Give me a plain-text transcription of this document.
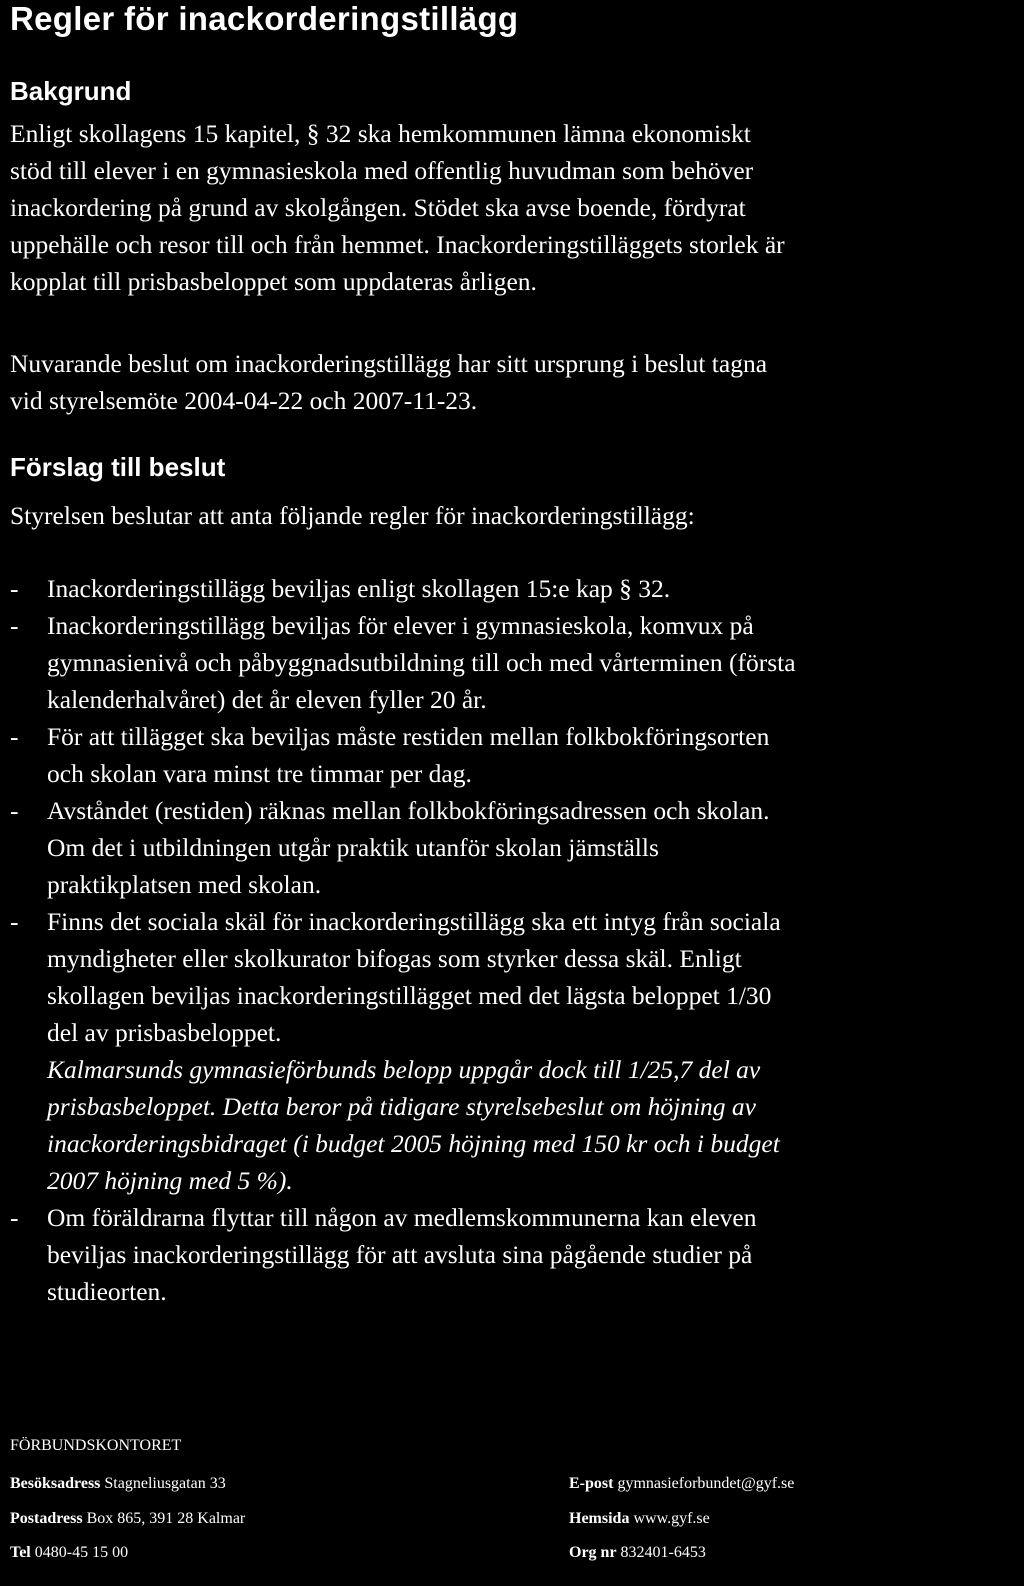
Regler för inackorderingstillägg
Bakgrund
Enligt skollagens 15 kapitel, § 32 ska hemkommunen lämna ekonomiskt
stöd till elever i en gymnasieskola med offentlig huvudman som behöver
inackordering på grund av skolgången. Stödet ska avse boende, fördyrat
uppehälle och resor till och från hemmet. Inackorderingstilläggets storlek är
kopplat till prisbasbeloppet som uppdateras årligen.
Nuvarande beslut om inackorderingstillägg har sitt ursprung i beslut tagna
vid styrelsemöte 2004-04-22 och 2007-11-23.
Förslag till beslut
Styrelsen beslutar att anta följande regler för inackorderingstillägg:
- Inackorderingstillägg beviljas enligt skollagen 15:e kap § 32.
- Inackorderingstillägg beviljas för elever i gymnasieskola, komvux på
gymnasienivå och påbyggnadsutbildning till och med vårterminen (första
kalenderhalvåret) det år eleven fyller 20 år.
- För att tillägget ska beviljas måste restiden mellan folkbokföringsorten
och skolan vara minst tre timmar per dag.
- Avståndet (restiden) räknas mellan folkbokföringsadressen och skolan.
Om det i utbildningen utgår praktik utanför skolan jämställs
praktikplatsen med skolan.
- Finns det sociala skäl för inackorderingstillägg ska ett intyg från sociala
myndigheter eller skolkurator bifogas som styrker dessa skäl. Enligt
skollagen beviljas inackorderingstillägget med det lägsta beloppet 1/30
del av prisbasbeloppet.
Kalmarsunds gymnasieförbunds belopp uppgår dock till 1/25,7 del av
prisbasbeloppet. Detta beror på tidigare styrelsebeslut om höjning av
inackorderingsbidraget (i budget 2005 höjning med 150 kr och i budget
2007 höjning med 5 %).
- Om föräldrarna flyttar till någon av medlemskommunerna kan eleven
beviljas inackorderingstillägg för att avsluta sina pågående studier på
studieorten.
FÖRBUNDSKONTORET
Besöksadress Stagneliusgatan 33
Postadress Box 865, 391 28 Kalmar
Tel 0480-45 15 00
E-post gymnasieforbundet@gyf.se
Hemsida www.gyf.se
Org nr 832401-6453
